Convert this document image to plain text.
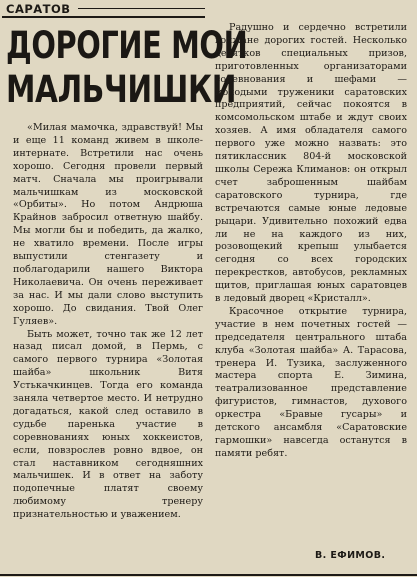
САРАТОВ
ДОРОГИЕ МОИ
МАЛЬЧИШКИ

«Милая мамочка, здравствуй! Мы и еще 11 команд живем в школе-интернате. Встретили нас очень хорошо. Сегодня провели первый матч. Сначала мы проигрывали мальчишкам из московской «Орбиты». Но потом Андрюша Крайнов забросил ответную шайбу. Мы могли бы и победить, да жалко, не хватило времени. После игры выпустили стенгазету и поблагодарили нашего Виктора Николаевича. Он очень переживает за нас. И мы дали слово выступить хорошо. До свидания. Твой Олег Гуляев».

Быть может, точно так же 12 лет назад писал домой, в Пермь, с самого первого турнира «Золотая шайба» школьник Витя Устькачкинцев. Тогда его команда заняла четвертое место. И нетрудно догадаться, какой след оставило в судьбе паренька участие в соревнованиях юных хоккеистов, если, повзрослев ровно вдвое, он стал наставником сегодняшних мальчишек. И в ответ на заботу подопечные платят своему любимому тренеру признательностью и уважением.

Радушно и сердечно встретили волжане дорогих гостей. Несколько десятков специальных призов, приготовленных организаторами соревнования и шефами — молодыми труженики саратовских предприятий, сейчас покоятся в комсомольском штабе и ждут своих хозяев. А имя обладателя самого первого уже можно назвать: это пятиклассник 804-й московской школы Сережа Климанов: он открыл счет заброшенным шайбам саратовского турнира, где встречаются самые юные ледовые рыцари. Удивительно похожий едва ли не на каждого из них, розовощекий крепыш улыбается сегодня со всех городских перекрестков, автобусов, рекламных щитов, приглашая юных саратовцев в ледовый дворец «Кристалл».

Красочное открытие турнира, участие в нем почетных гостей — председателя центрального штаба клуба «Золотая шайба» А. Тарасова, тренера И. Тузика, заслуженного мастера спорта Е. Зимина, театрализованное представление фигуристов, гимнастов, духового оркестра «Бравые гусары» и детского ансамбля «Саратовские гармошки» навсегда останутся в памяти ребят.

В. ЕФИМОВ.
